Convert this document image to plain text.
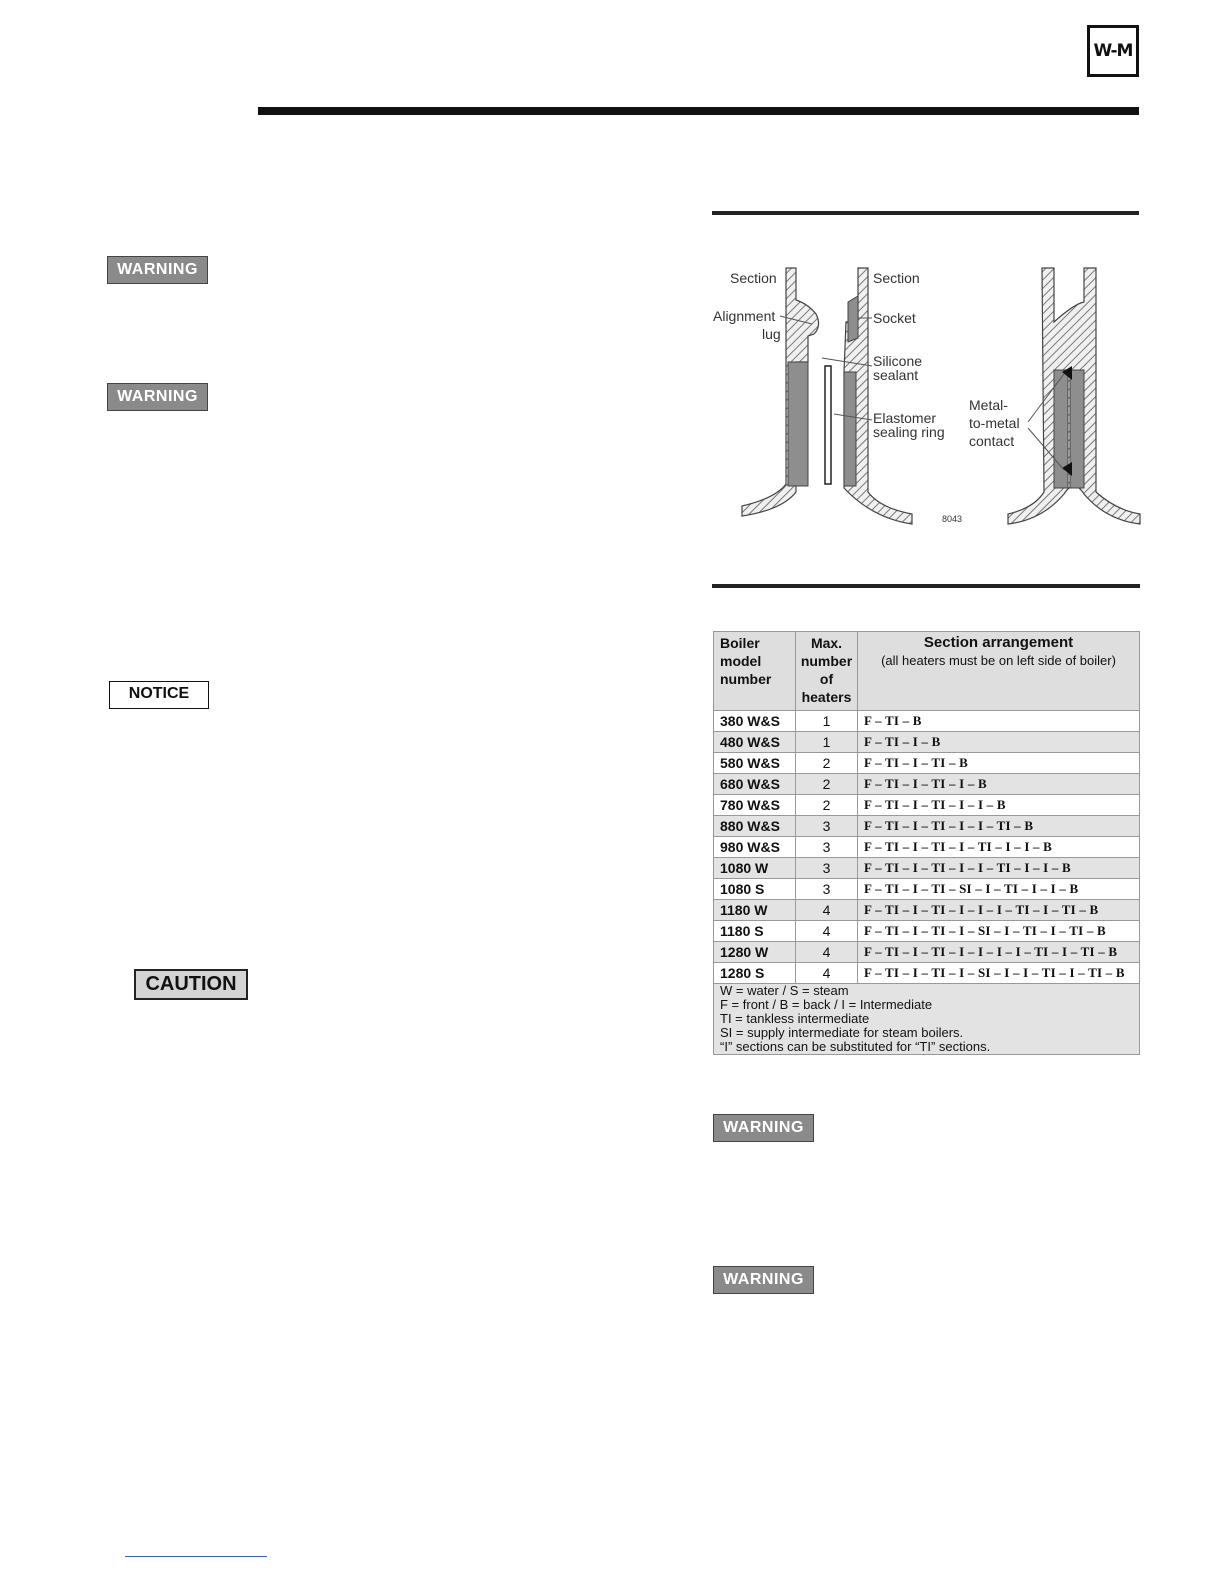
W-M
WARNING
WARNING
NOTICE
CAUTION
Section	Section
Alignment
lug
Socket
Silicone
sealant
Elastomer
sealing ring
Metal-
to-metal
contact
8043
Boiler
model
number	Max.
number
of
heaters	Section arrangement
(all heaters must be on left side of boiler)

380 W&S	1	F – TI – B
480 W&S	1	F – TI – I – B
580 W&S	2	F – TI – I – TI – B
680 W&S	2	F – TI – I – TI – I – B
780 W&S	2	F – TI – I – TI – I – I – B
880 W&S	3	F – TI – I – TI – I – I – TI – B
980 W&S	3	F – TI – I – TI – I – TI – I – I – B
1080 W	3	F – TI – I – TI – I – I – TI – I – I – B
1080 S	3	F – TI – I – TI – SI – I – TI – I – I – B
1180 W	4	F – TI – I – TI – I – I – I – TI – I – TI – B
1180 S	4	F – TI – I – TI – I – SI – I – TI – I – TI – B
1280 W	4	F – TI – I – TI – I – I – I – I – TI – I – TI – B
1280 S	4	F – TI – I – TI – I – SI – I – I – TI – I – TI – B

W = water / S = steam
F = front / B = back / I = Intermediate
TI = tankless intermediate
SI = supply intermediate for steam boilers.
“I” sections can be substituted for “TI” sections.		
WARNING
WARNING
